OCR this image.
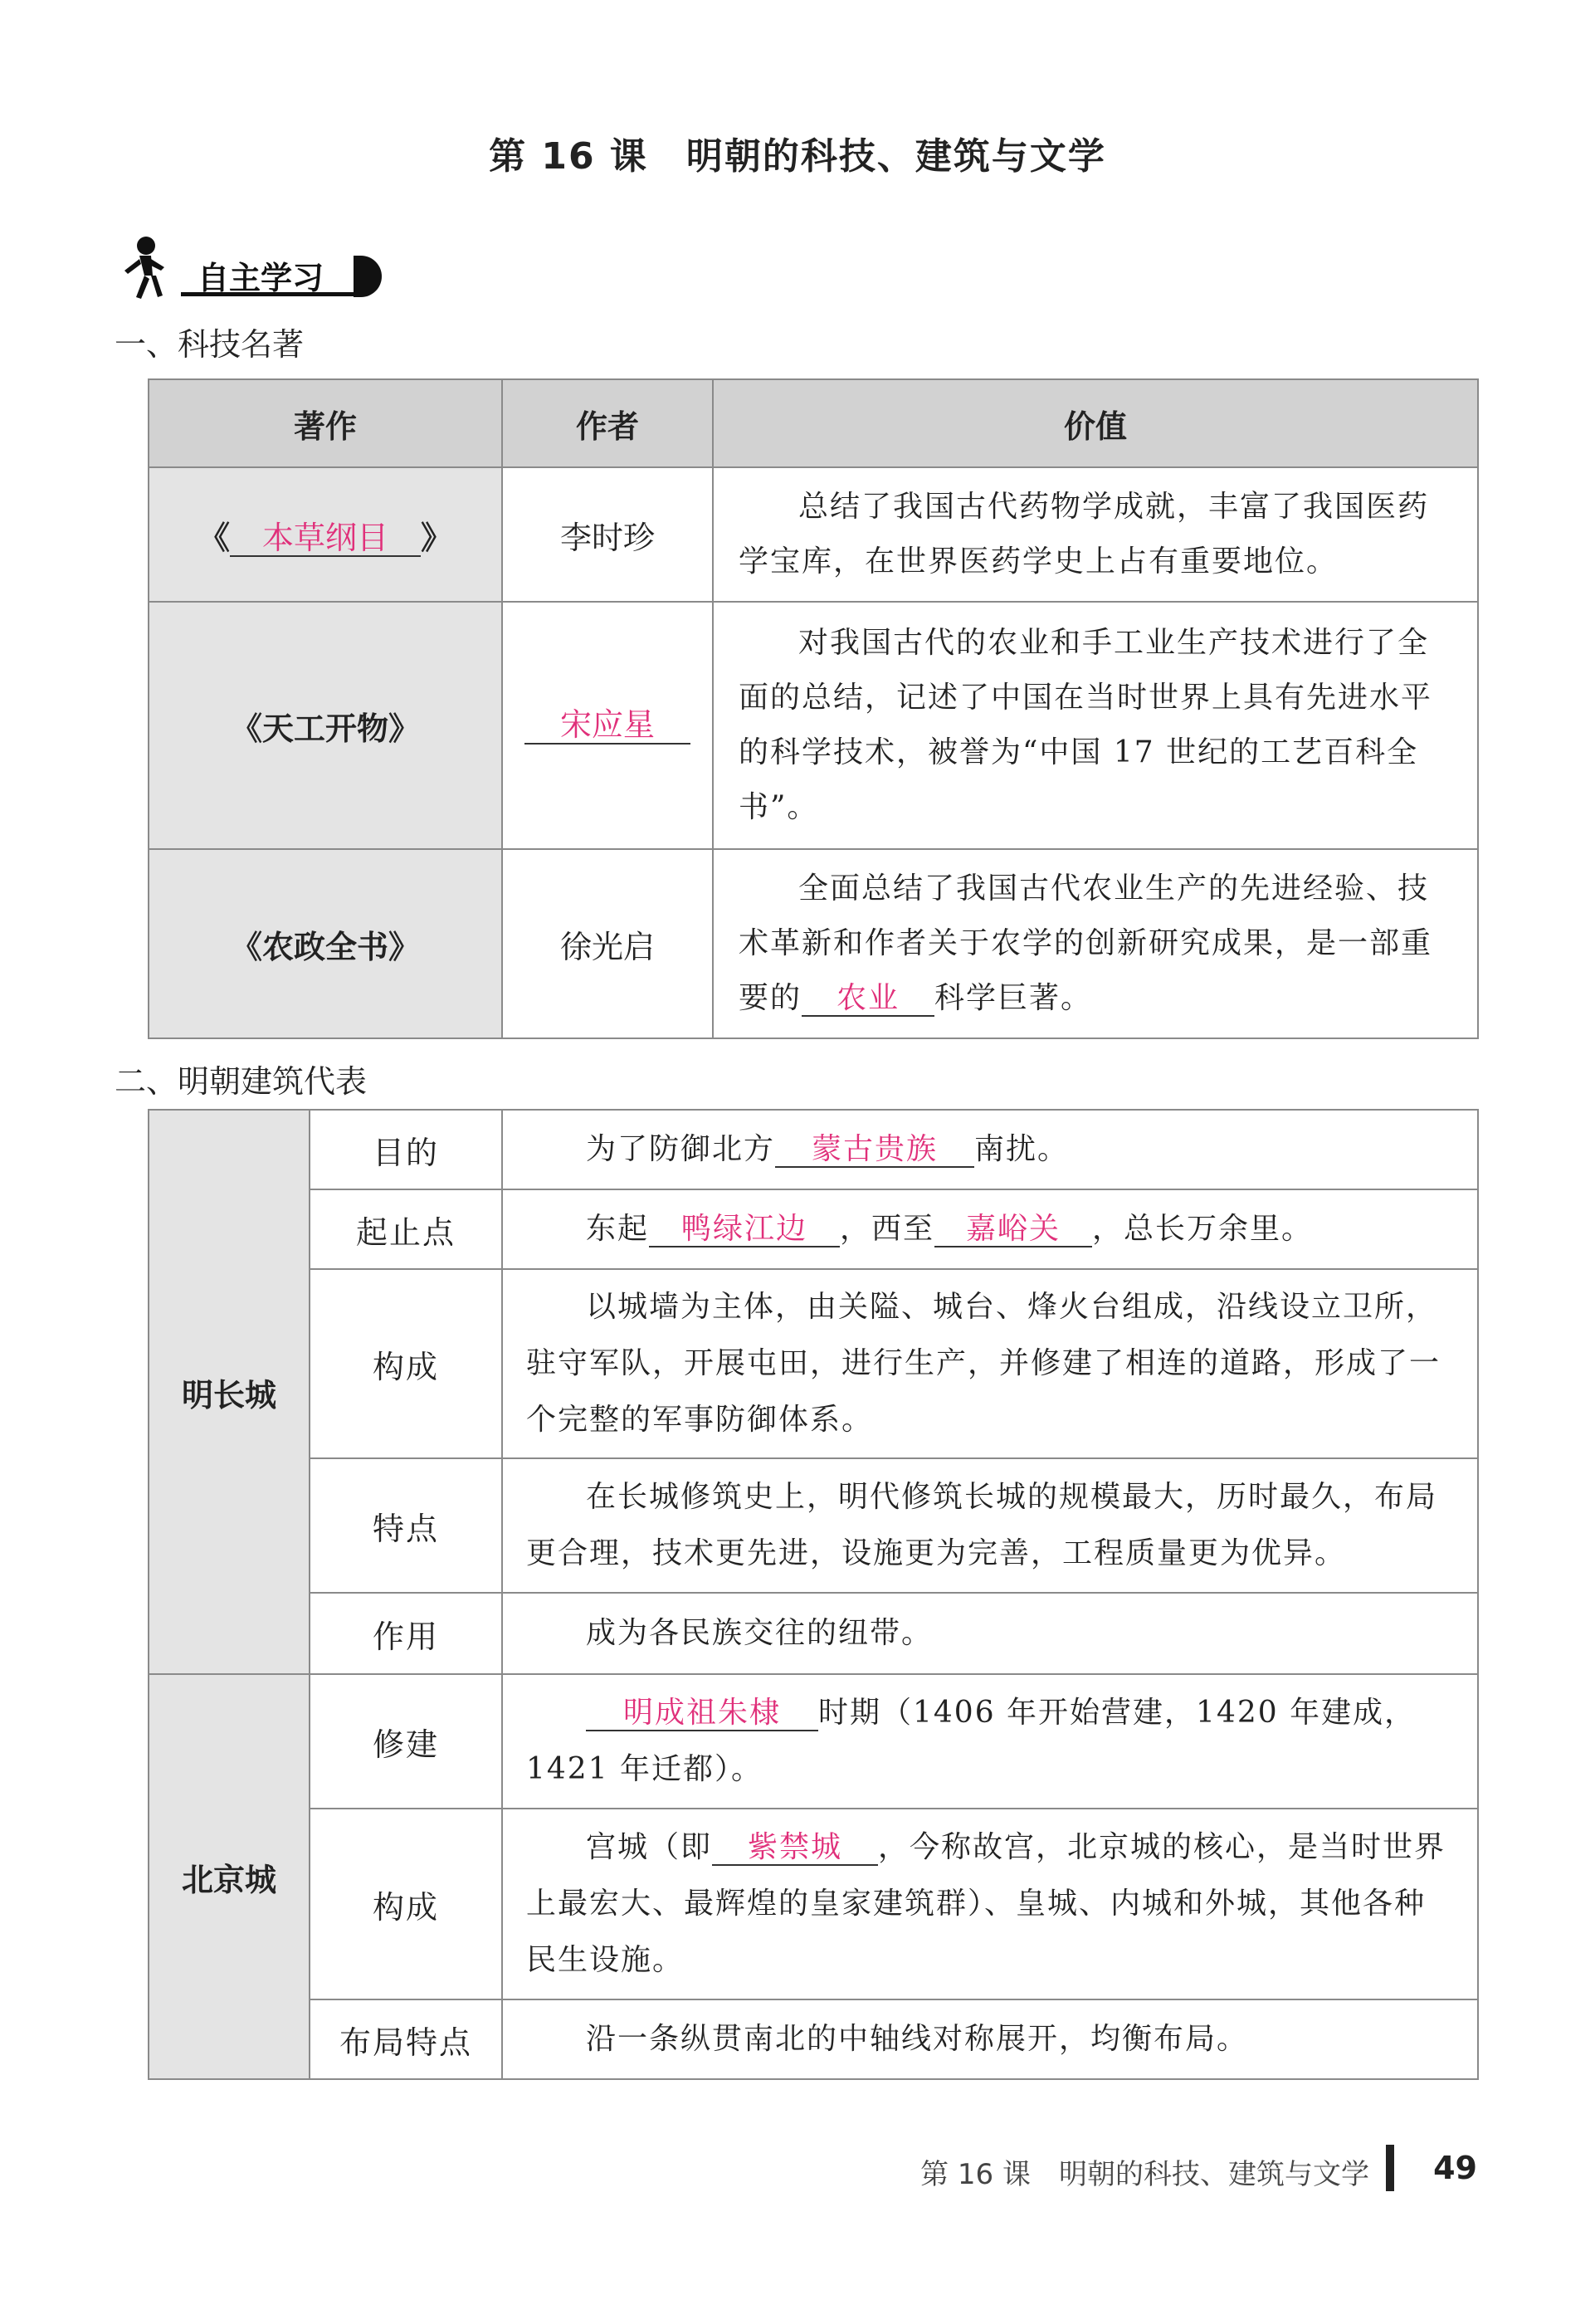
第 16 课　明朝的科技、建筑与文学
自主学习
一、科技名著
著作	作者	价值
《 本草纲目 》	李时珍	总结了我国古代药物学成就，丰富了我国医药学宝库，在世界医药学史上占有重要地位。
《天工开物》	宋应星	对我国古代的农业和手工业生产技术进行了全面的总结，记述了中国在当时世界上具有先进水平的科学技术，被誉为“中国 17 世纪的工艺百科全书”。
《农政全书》	徐光启	全面总结了我国古代农业生产的先进经验、技术革新和作者关于农学的创新研究成果，是一部重要的 农业 科学巨著。
二、明朝建筑代表
明长城	目的	为了防御北方 蒙古贵族 南扰。
	起止点	东起 鸭绿江边 ，西至 嘉峪关 ，总长万余里。
	构成	以城墙为主体，由关隘、城台、烽火台组成，沿线设立卫所，驻守军队，开展屯田，进行生产，并修建了相连的道路，形成了一个完整的军事防御体系。
	特点	在长城修筑史上，明代修筑长城的规模最大，历时最久，布局更合理，技术更先进，设施更为完善，工程质量更为优异。
	作用	成为各民族交往的纽带。
北京城	修建	明成祖朱棣 时期（1406 年开始营建，1420 年建成，1421 年迁都）。
	构成	宫城（即 紫禁城 ，今称故宫，北京城的核心，是当时世界上最宏大、最辉煌的皇家建筑群）、皇城、内城和外城，其他各种民生设施。
	布局特点	沿一条纵贯南北的中轴线对称展开，均衡布局。
第 16 课　明朝的科技、建筑与文学 49
